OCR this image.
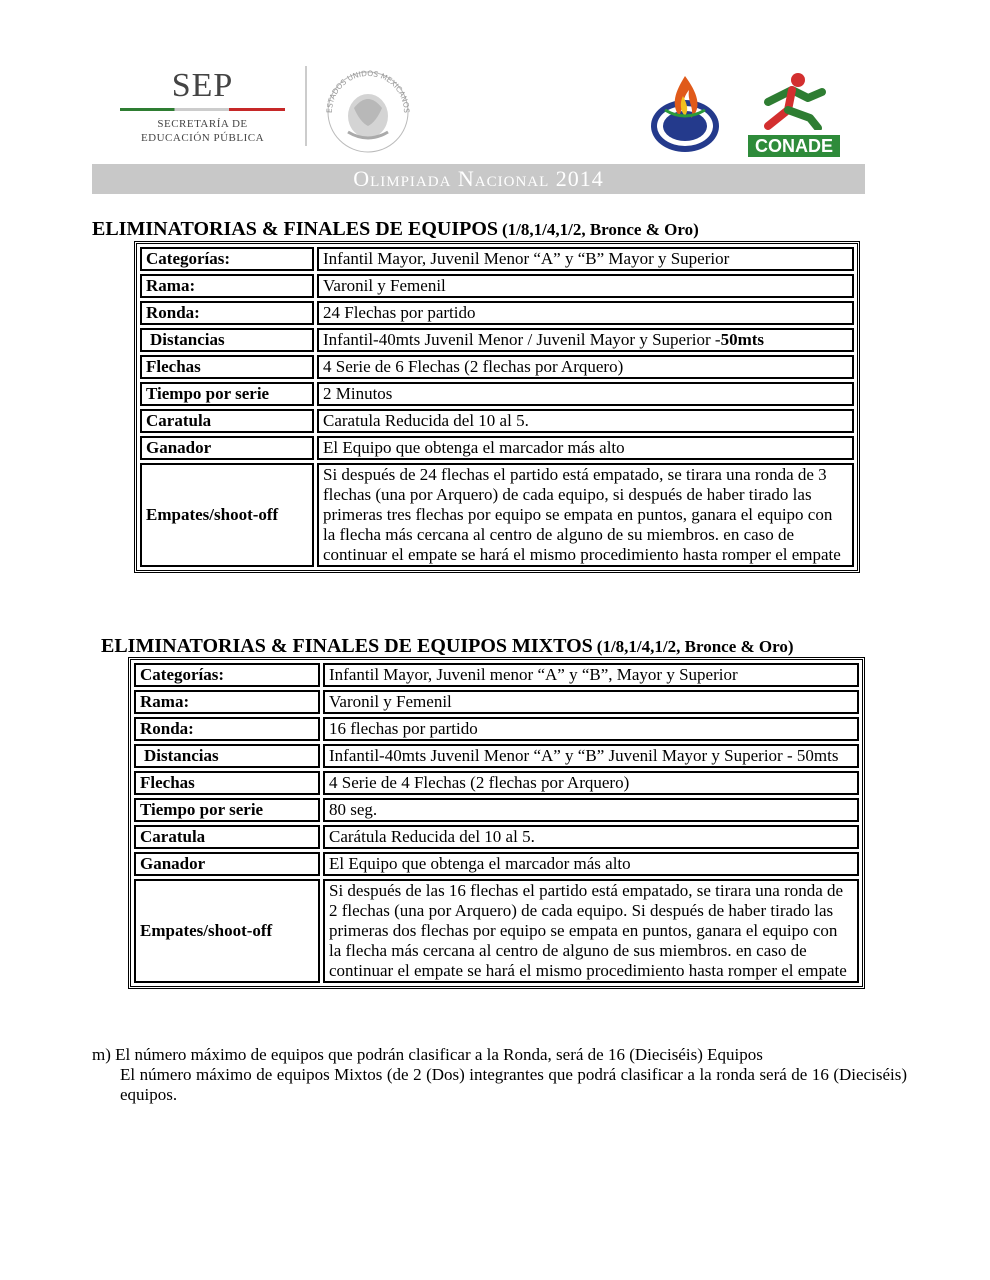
SEP
SECRETARÍA DE
EDUCACIÓN PÚBLICA
ESTADOS UNIDOS MEXICANOS
CONADE
Olimpiada Nacional 2014
ELIMINATORIAS & FINALES DE EQUIPOS (1/8,1/4,1/2, Bronce & Oro)
Categorías:	Infantil Mayor, Juvenil Menor “A” y “B” Mayor y Superior
Rama:	Varonil y Femenil
Ronda:	24 Flechas por partido
Distancias	Infantil-40mts Juvenil Menor / Juvenil Mayor y Superior -50mts
Flechas	4 Serie de 6 Flechas (2 flechas por Arquero)
Tiempo por serie	2 Minutos
Caratula	Caratula Reducida del 10 al 5.
Ganador	El Equipo que obtenga el marcador más alto
Empates/shoot-off	Si después de 24 flechas el partido está empatado, se tirara una ronda de 3 flechas (una por Arquero) de cada equipo, si después de haber tirado las primeras tres flechas por equipo se empata en puntos, ganara el equipo con la flecha más cercana al centro de alguno de su miembros. en caso de continuar el empate se hará el mismo procedimiento hasta romper el empate
ELIMINATORIAS & FINALES DE EQUIPOS MIXTOS (1/8,1/4,1/2, Bronce & Oro)
Categorías:	Infantil Mayor, Juvenil menor “A” y “B”, Mayor y Superior
Rama:	Varonil y Femenil
Ronda:	16 flechas por partido
Distancias	Infantil-40mts Juvenil Menor “A” y “B” Juvenil Mayor y Superior - 50mts
Flechas	4 Serie de 4 Flechas (2 flechas por Arquero)
Tiempo por serie	80 seg.
Caratula	Carátula Reducida del 10 al 5.
Ganador	El Equipo que obtenga el marcador más alto
Empates/shoot-off	Si después de las 16 flechas el partido está empatado, se tirara una ronda de 2 flechas (una por Arquero) de cada equipo. Si después de haber tirado las primeras dos flechas por equipo se empata en puntos, ganara el equipo con la flecha más cercana al centro de alguno de sus miembros. en caso de continuar el empate se hará el mismo procedimiento hasta romper el empate

m) El número máximo de equipos que podrán clasificar a la Ronda, será de 16 (Dieciséis) Equipos

El número máximo de equipos Mixtos (de 2 (Dos) integrantes que podrá clasificar a la ronda será de 16 (Dieciséis) equipos.
